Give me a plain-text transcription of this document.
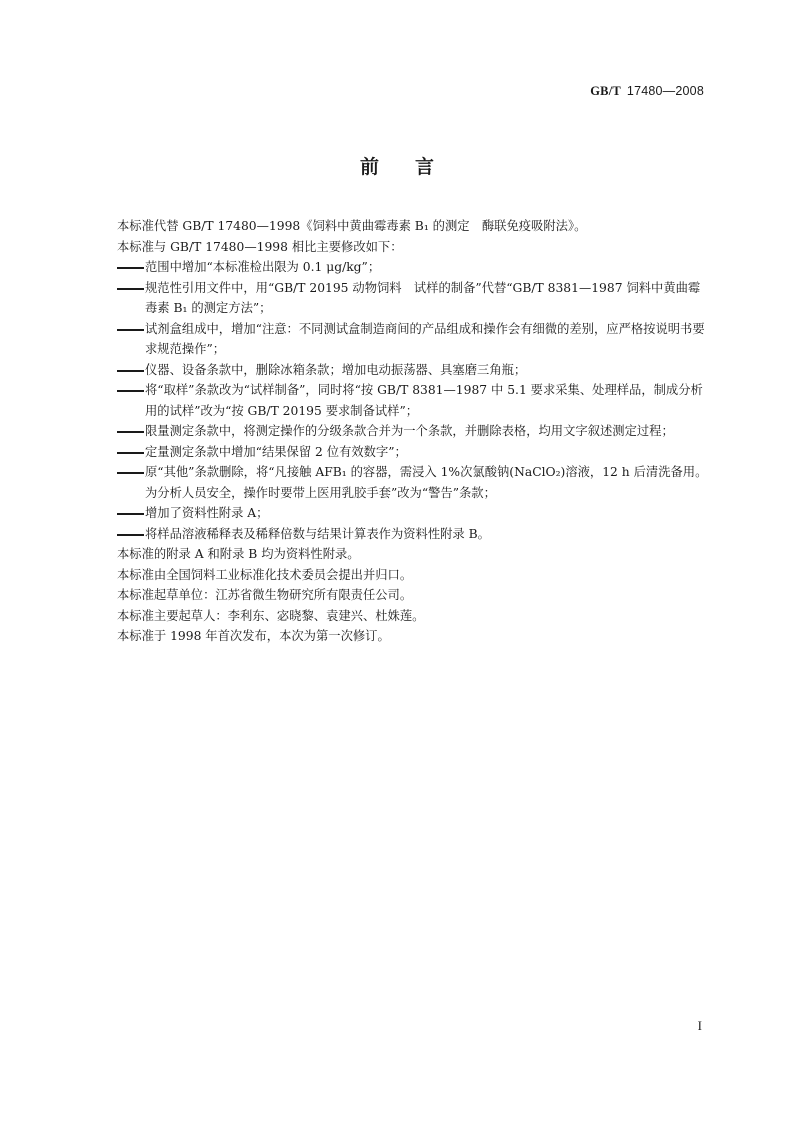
GB/T 17480—2008
前 言

本标准代替 GB/T 17480—1998《饲料中黄曲霉毒素 B₁ 的测定　酶联免疫吸附法》。

本标准与 GB/T 17480—1998 相比主要修改如下：

范围中增加“本标准检出限为 0.1 μg/kg”；

规范性引用文件中，用“GB/T 20195 动物饲料　试样的制备”代替“GB/T 8381—1987 饲料中黄曲霉毒素 B₁ 的测定方法”；

试剂盒组成中，增加“注意：不同测试盒制造商间的产品组成和操作会有细微的差别，应严格按说明书要求规范操作”；

仪器、设备条款中，删除冰箱条款；增加电动振荡器、具塞磨三角瓶；

将“取样”条款改为“试样制备”，同时将“按 GB/T 8381—1987 中 5.1 要求采集、处理样品，制成分析用的试样”改为“按 GB/T 20195 要求制备试样”；

限量测定条款中，将测定操作的分级条款合并为一个条款，并删除表格，均用文字叙述测定过程；

定量测定条款中增加“结果保留 2 位有效数字”；

原“其他”条款删除，将“凡接触 AFB₁ 的容器，需浸入 1%次氯酸钠(NaClO₂)溶液，12 h 后清洗备用。为分析人员安全，操作时要带上医用乳胶手套”改为“警告”条款；

增加了资料性附录 A；

将样品溶液稀释表及稀释倍数与结果计算表作为资料性附录 B。

本标准的附录 A 和附录 B 均为资料性附录。

本标准由全国饲料工业标准化技术委员会提出并归口。

本标准起草单位：江苏省微生物研究所有限责任公司。

本标准主要起草人：李利东、宓晓黎、袁建兴、杜姝莲。

本标准于 1998 年首次发布，本次为第一次修订。

I
